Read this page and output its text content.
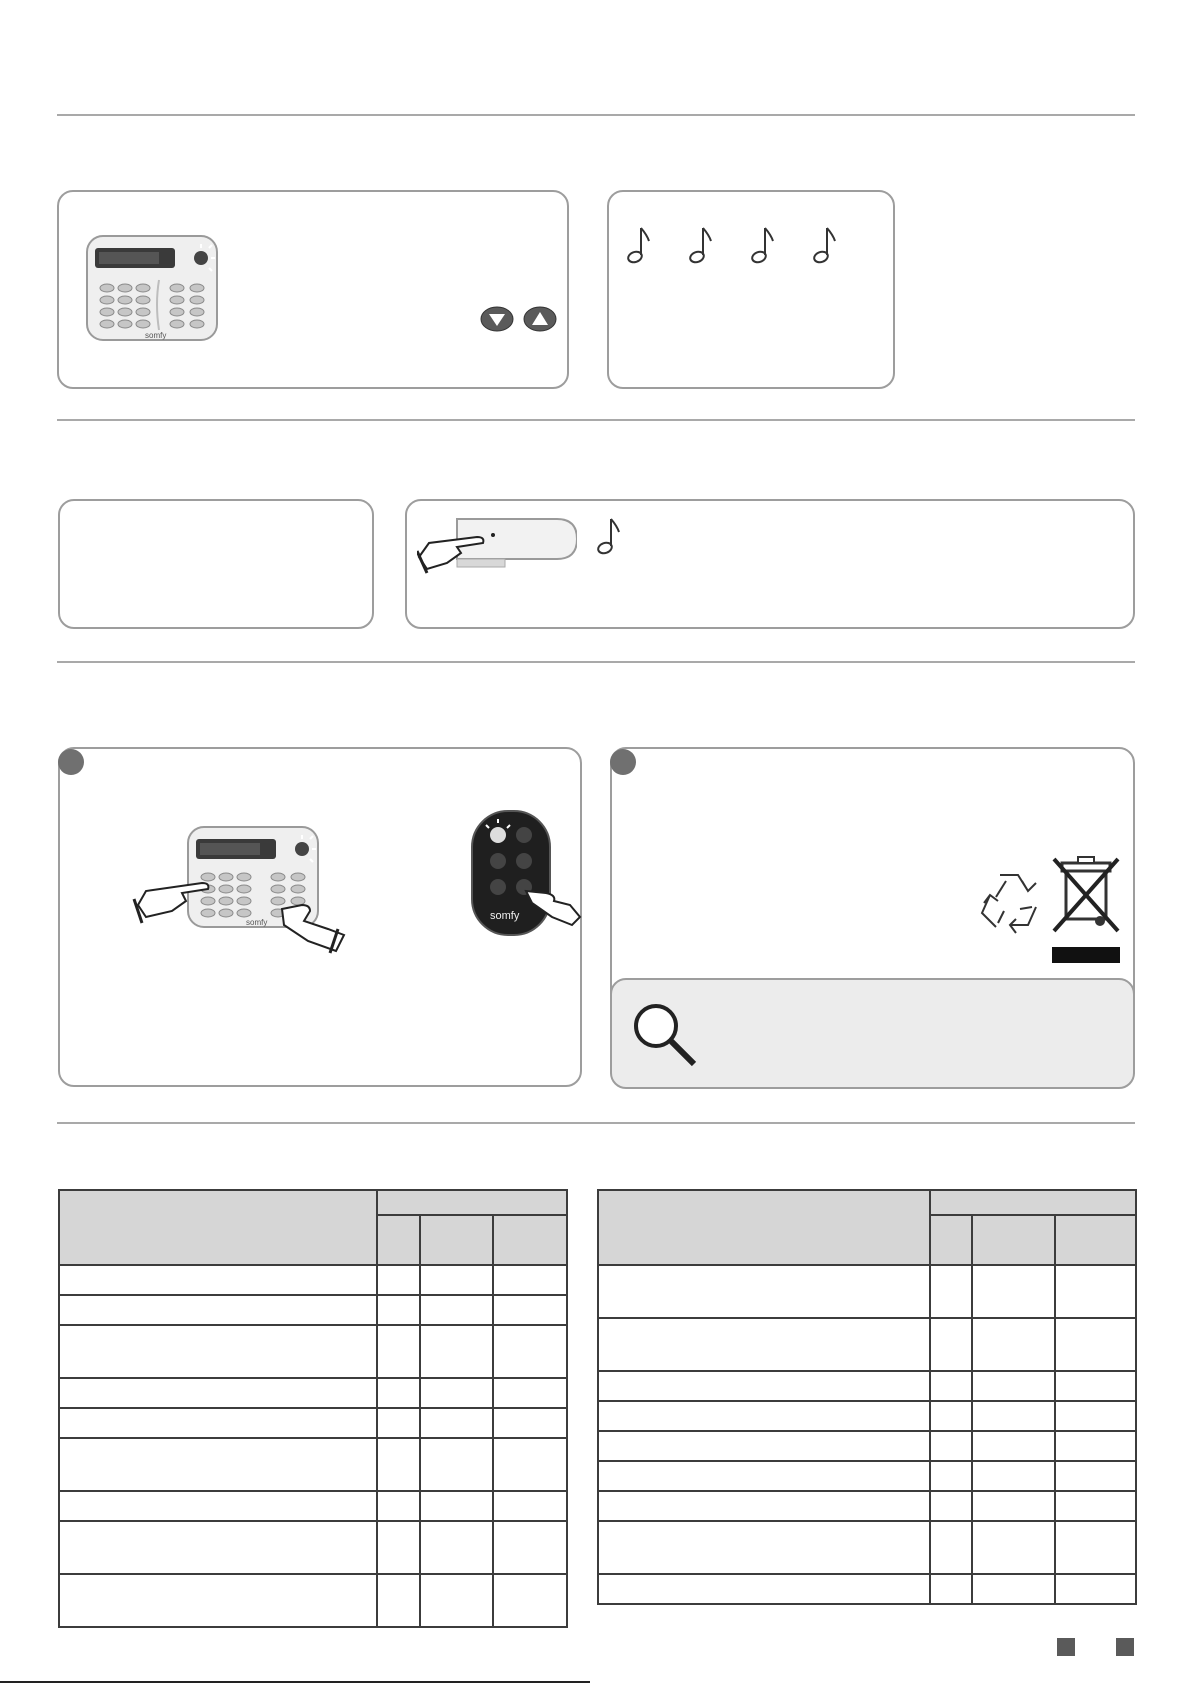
somfy
somfy
somfy
